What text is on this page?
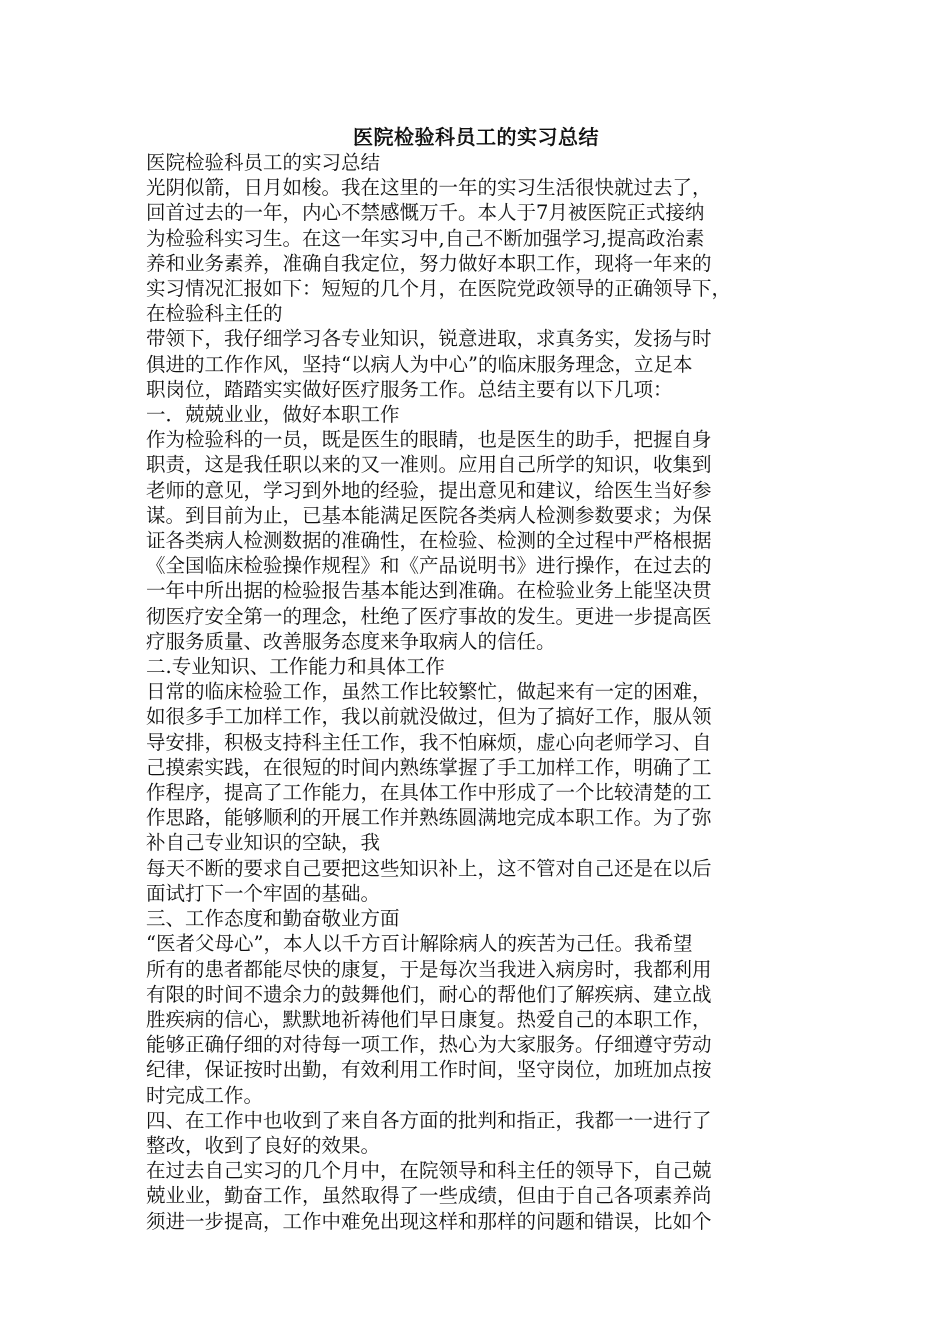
医院检验科员工的实习总结

医院检验科员工的实习总结

光阴似箭，日月如梭。我在这里的一年的实习生活很快就过去了，

回首过去的一年，内心不禁感慨万千。本人于7月被医院正式接纳

为检验科实习生。在这一年实习中,自己不断加强学习,提高政治素

养和业务素养，准确自我定位，努力做好本职工作，现将一年来的

实习情况汇报如下：短短的几个月，在医院党政领导的正确领导下，

在检验科主任的

带领下，我仔细学习各专业知识，锐意进取，求真务实，发扬与时

俱进的工作作风，坚持“以病人为中心”的临床服务理念，立足本

职岗位，踏踏实实做好医疗服务工作。总结主要有以下几项：

一．兢兢业业，做好本职工作

作为检验科的一员，既是医生的眼睛，也是医生的助手，把握自身

职责，这是我任职以来的又一准则。应用自己所学的知识，收集到

老师的意见，学习到外地的经验，提出意见和建议，给医生当好参

谋。到目前为止，已基本能满足医院各类病人检测参数要求；为保

证各类病人检测数据的准确性，在检验、检测的全过程中严格根据

《全国临床检验操作规程》和《产品说明书》进行操作，在过去的

一年中所出据的检验报告基本能达到准确。在检验业务上能坚决贯

彻医疗安全第一的理念，杜绝了医疗事故的发生。更进一步提高医

疗服务质量、改善服务态度来争取病人的信任。

二.专业知识、工作能力和具体工作

日常的临床检验工作，虽然工作比较繁忙，做起来有一定的困难，

如很多手工加样工作，我以前就没做过，但为了搞好工作，服从领

导安排，积极支持科主任工作，我不怕麻烦，虚心向老师学习、自

己摸索实践，在很短的时间内熟练掌握了手工加样工作，明确了工

作程序，提高了工作能力，在具体工作中形成了一个比较清楚的工

作思路，能够顺利的开展工作并熟练圆满地完成本职工作。为了弥

补自己专业知识的空缺，我

每天不断的要求自己要把这些知识补上，这不管对自己还是在以后

面试打下一个牢固的基础。

三、工作态度和勤奋敬业方面

“医者父母心”，本人以千方百计解除病人的疾苦为己任。我希望

所有的患者都能尽快的康复，于是每次当我进入病房时，我都利用

有限的时间不遗余力的鼓舞他们，耐心的帮他们了解疾病、建立战

胜疾病的信心，默默地祈祷他们早日康复。热爱自己的本职工作，

能够正确仔细的对待每一项工作，热心为大家服务。仔细遵守劳动

纪律，保证按时出勤，有效利用工作时间，坚守岗位，加班加点按

时完成工作。

四、在工作中也收到了来自各方面的批判和指正，我都一一进行了

整改，收到了良好的效果。

在过去自己实习的几个月中，在院领导和科主任的领导下，自己兢

兢业业，勤奋工作，虽然取得了一些成绩，但由于自己各项素养尚

须进一步提高，工作中难免出现这样和那样的问题和错误，比如个
